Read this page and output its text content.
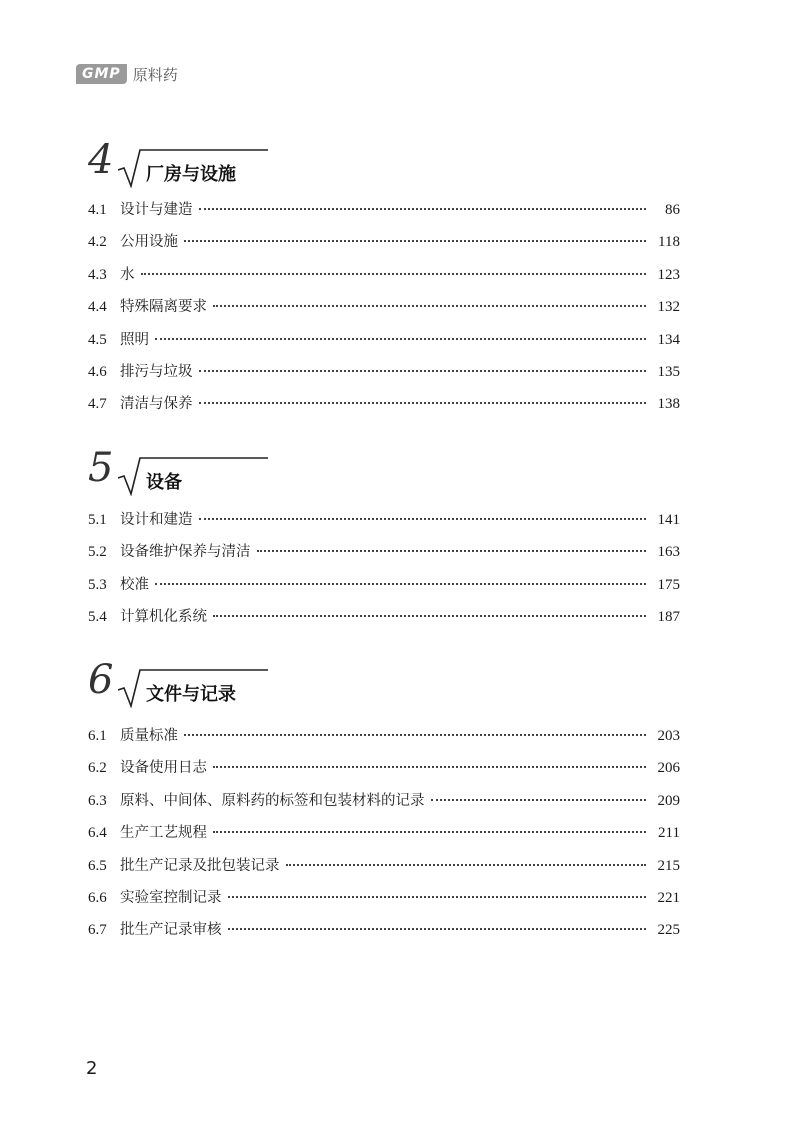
GMP 原料药
4 厂房与设施
4.1 设计与建造	86
4.2 公用设施	118
4.3 水	123
4.4 特殊隔离要求	132
4.5 照明	134
4.6 排污与垃圾	135
4.7 清洁与保养	138
5 设备
5.1 设计和建造	141
5.2 设备维护保养与清洁	163
5.3 校准	175
5.4 计算机化系统	187
6 文件与记录
6.1 质量标准	203
6.2 设备使用日志	206
6.3 原料、中间体、原料药的标签和包装材料的记录	209
6.4 生产工艺规程	211
6.5 批生产记录及批包装记录	215
6.6 实验室控制记录	221
6.7 批生产记录审核	225
2
